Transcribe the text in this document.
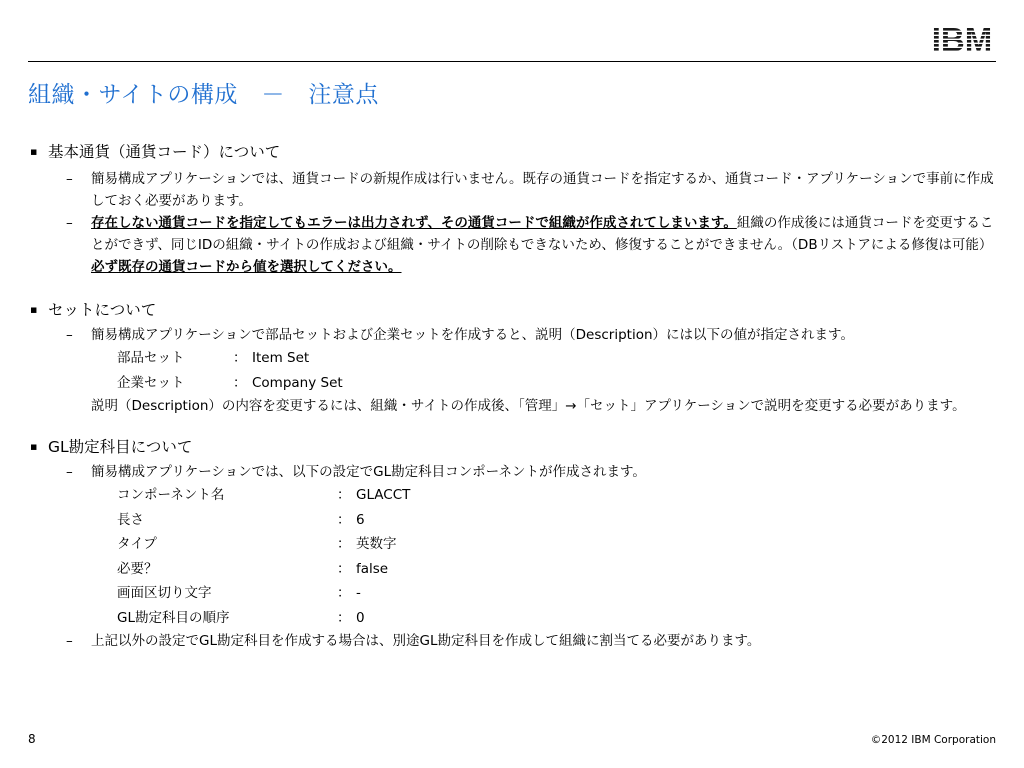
IBM
組織・サイトの構成　－　注意点
▪ 基本通貨（通貨コード）について
– 簡易構成アプリケーションでは、通貨コードの新規作成は行いません。既存の通貨コードを指定するか、通貨コード・アプリケーションで事前に作成しておく必要があります。
– 存在しない通貨コードを指定してもエラーは出力されず、その通貨コードで組織が作成されてしまいます。組織の作成後には通貨コードを変更することができず、同じIDの組織・サイトの作成および組織・サイトの削除もできないため、修復することができません。（DBリストアによる修復は可能）必ず既存の通貨コードから値を選択してください。
▪ セットについて
– 簡易構成アプリケーションで部品セットおよび企業セットを作成すると、説明（Description）には以下の値が指定されます。
部品セット	： Item Set
企業セット	： Company Set
説明（Description）の内容を変更するには、組織・サイトの作成後、「管理」→「セット」アプリケーションで説明を変更する必要があります。
▪ GL勘定科目について
– 簡易構成アプリケーションでは、以下の設定でGL勘定科目コンポーネントが作成されます。
コンポーネント名	： GLACCT
長さ	： 6
タイプ	： 英数字
必要？	： false
画面区切り文字	： -
GL勘定科目の順序	： 0
– 上記以外の設定でGL勘定科目を作成する場合は、別途GL勘定科目を作成して組織に割当てる必要があります。
8	©2012 IBM Corporation
